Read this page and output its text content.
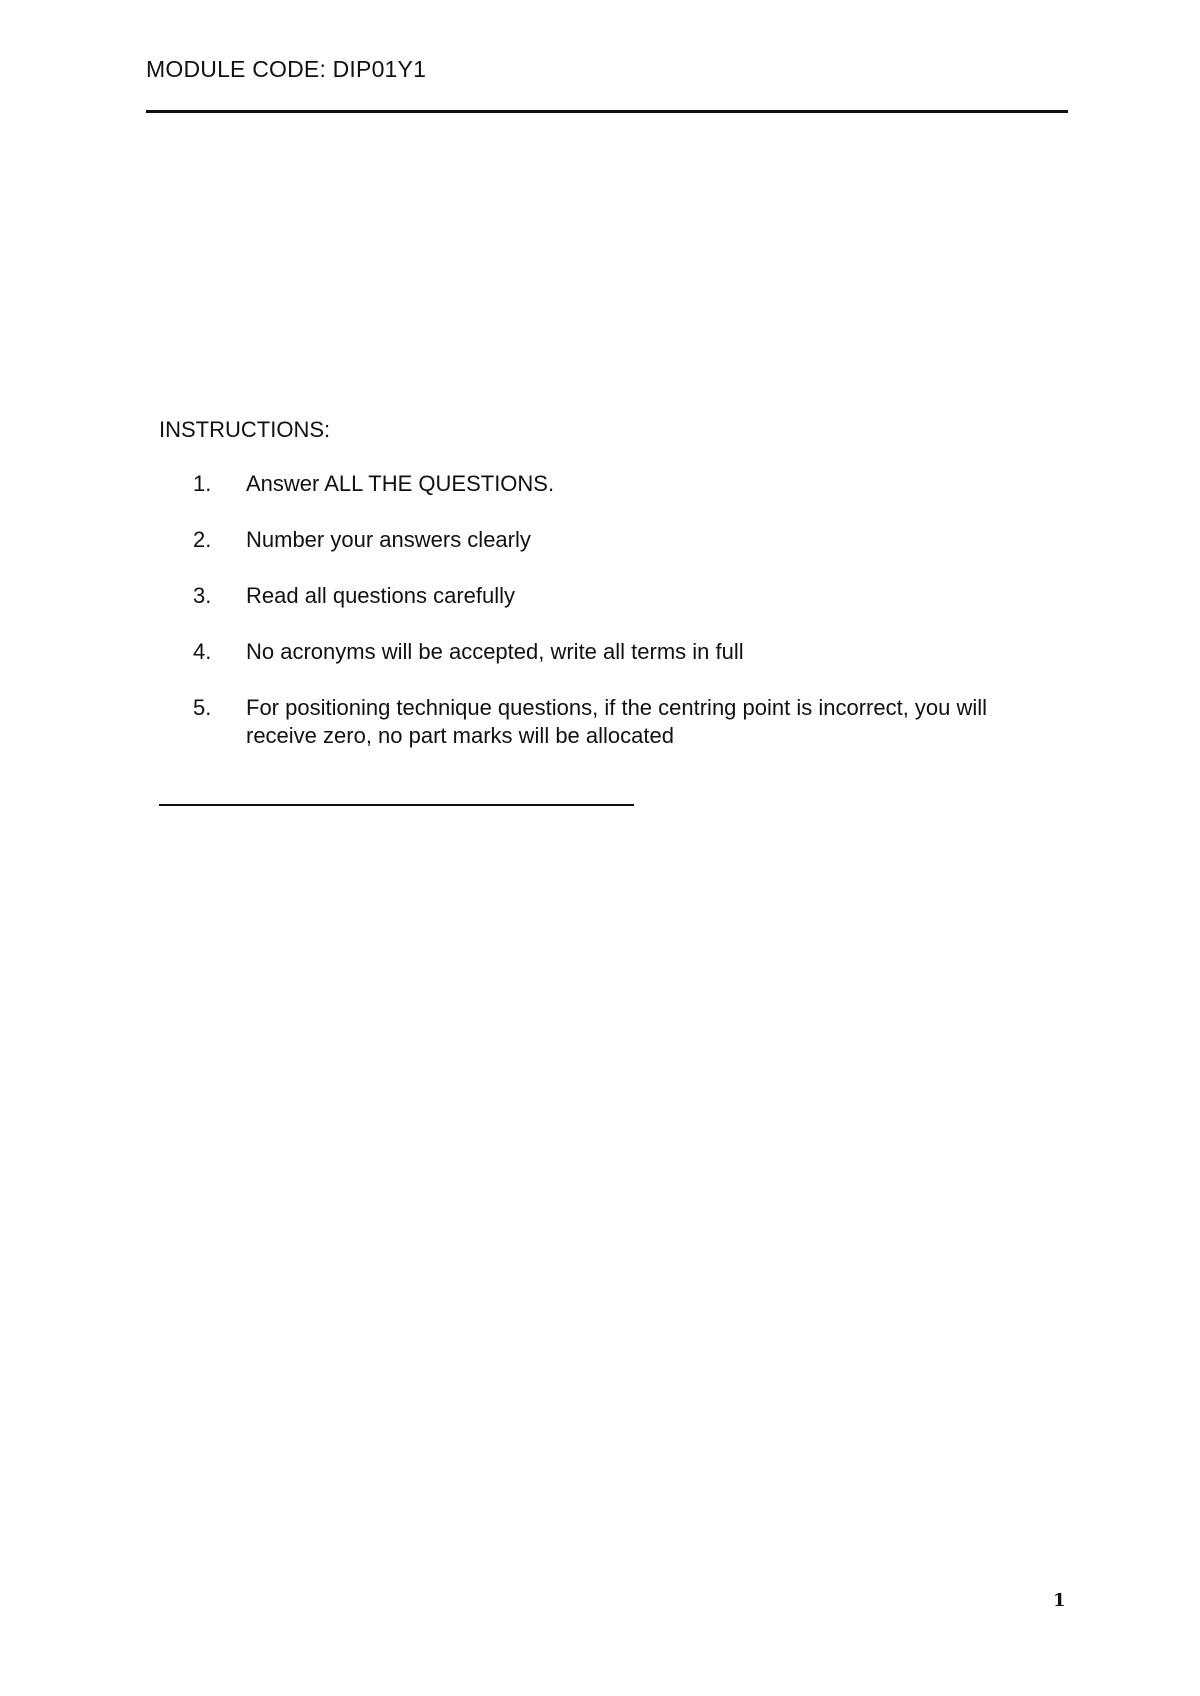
MODULE CODE: DIP01Y1
INSTRUCTIONS:
1. Answer ALL THE QUESTIONS.
2. Number your answers clearly
3. Read all questions carefully
4. No acronyms will be accepted, write all terms in full
5. For positioning technique questions, if the centring point is incorrect, you will receive zero, no part marks will be allocated
1
